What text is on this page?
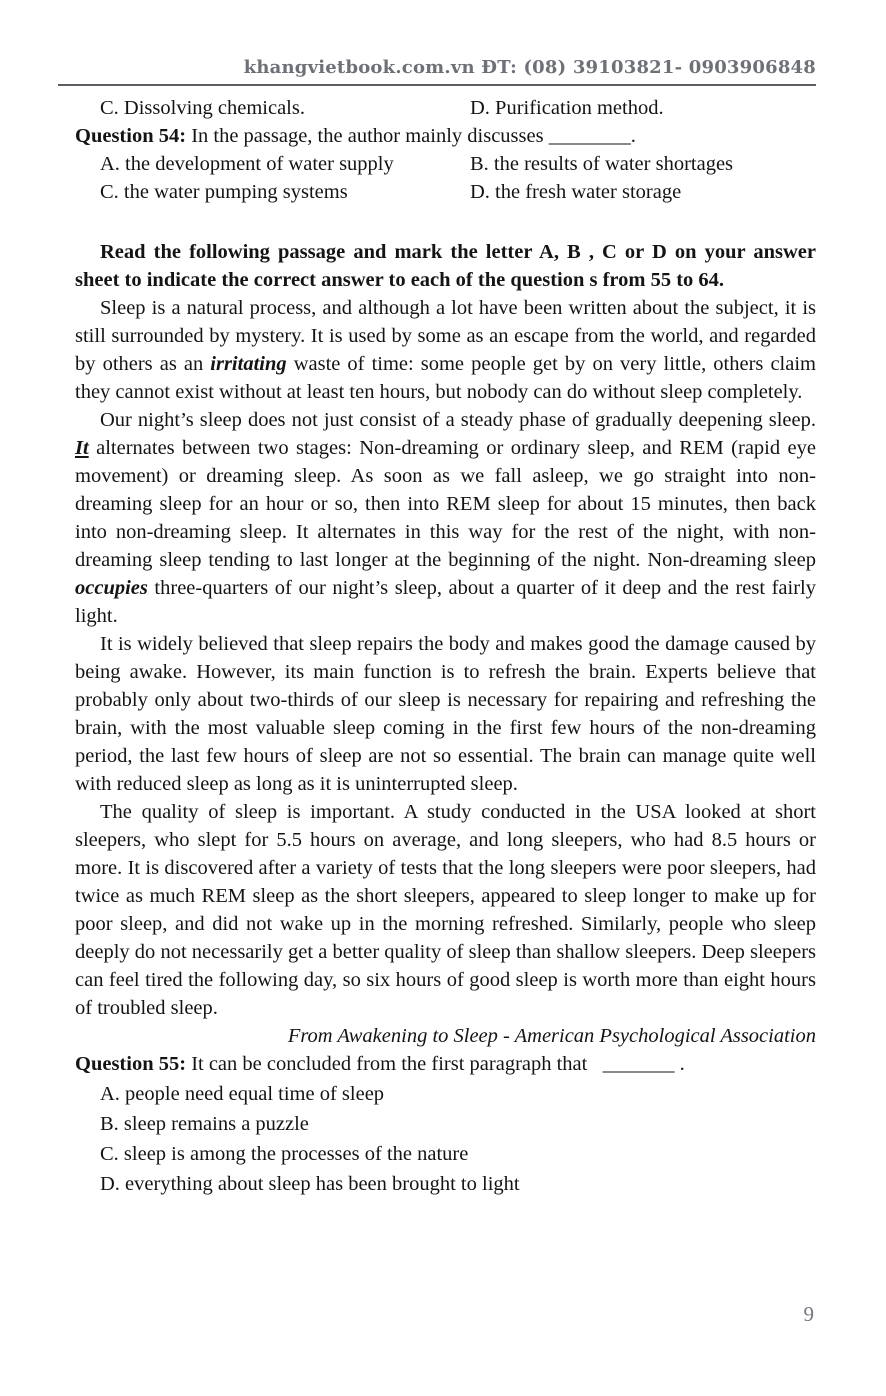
khangvietbook.com.vn ĐT: (08) 39103821- 0903906848
C. Dissolving chemicals.	D. Purification method.
Question 54: In the passage, the author mainly discusses ________.
A. the development of water supply	B. the results of water shortages
C. the water pumping systems	D. the fresh water storage
Read the following passage and mark the letter A, B , C or D on your answer sheet to indicate the correct answer to each of the question s from 55 to 64.

Sleep is a natural process, and although a lot have been written about the subject, it is still surrounded by mystery. It is used by some as an escape from the world, and regarded by others as an irritating waste of time: some people get by on very little, others claim they cannot exist without at least ten hours, but nobody can do without sleep completely.

Our night’s sleep does not just consist of a steady phase of gradually deepening sleep. It alternates between two stages: Non-dreaming or ordinary sleep, and REM (rapid eye movement) or dreaming sleep. As soon as we fall asleep, we go straight into non-dreaming sleep for an hour or so, then into REM sleep for about 15 minutes, then back into non-dreaming sleep. It alternates in this way for the rest of the night, with non-dreaming sleep tending to last longer at the beginning of the night. Non-dreaming sleep occupies three-quarters of our night’s sleep, about a quarter of it deep and the rest fairly light.

It is widely believed that sleep repairs the body and makes good the damage caused by being awake. However, its main function is to refresh the brain. Experts believe that probably only about two-thirds of our sleep is necessary for repairing and refreshing the brain, with the most valuable sleep coming in the first few hours of the non-dreaming period, the last few hours of sleep are not so essential. The brain can manage quite well with reduced sleep as long as it is uninterrupted sleep.

The quality of sleep is important. A study conducted in the USA looked at short sleepers, who slept for 5.5 hours on average, and long sleepers, who had 8.5 hours or more. It is discovered after a variety of tests that the long sleepers were poor sleepers, had twice as much REM sleep as the short sleepers, appeared to sleep longer to make up for poor sleep, and did not wake up in the morning refreshed. Similarly, people who sleep deeply do not necessarily get a better quality of sleep than shallow sleepers. Deep sleepers can feel tired the following day, so six hours of good sleep is worth more than eight hours of troubled sleep.

From Awakening to Sleep - American Psychological Association
Question 55: It can be concluded from the first paragraph that   _______ .
A. people need equal time of sleep
B. sleep remains a puzzle
C. sleep is among the processes of the nature
D. everything about sleep has been brought to light
9
